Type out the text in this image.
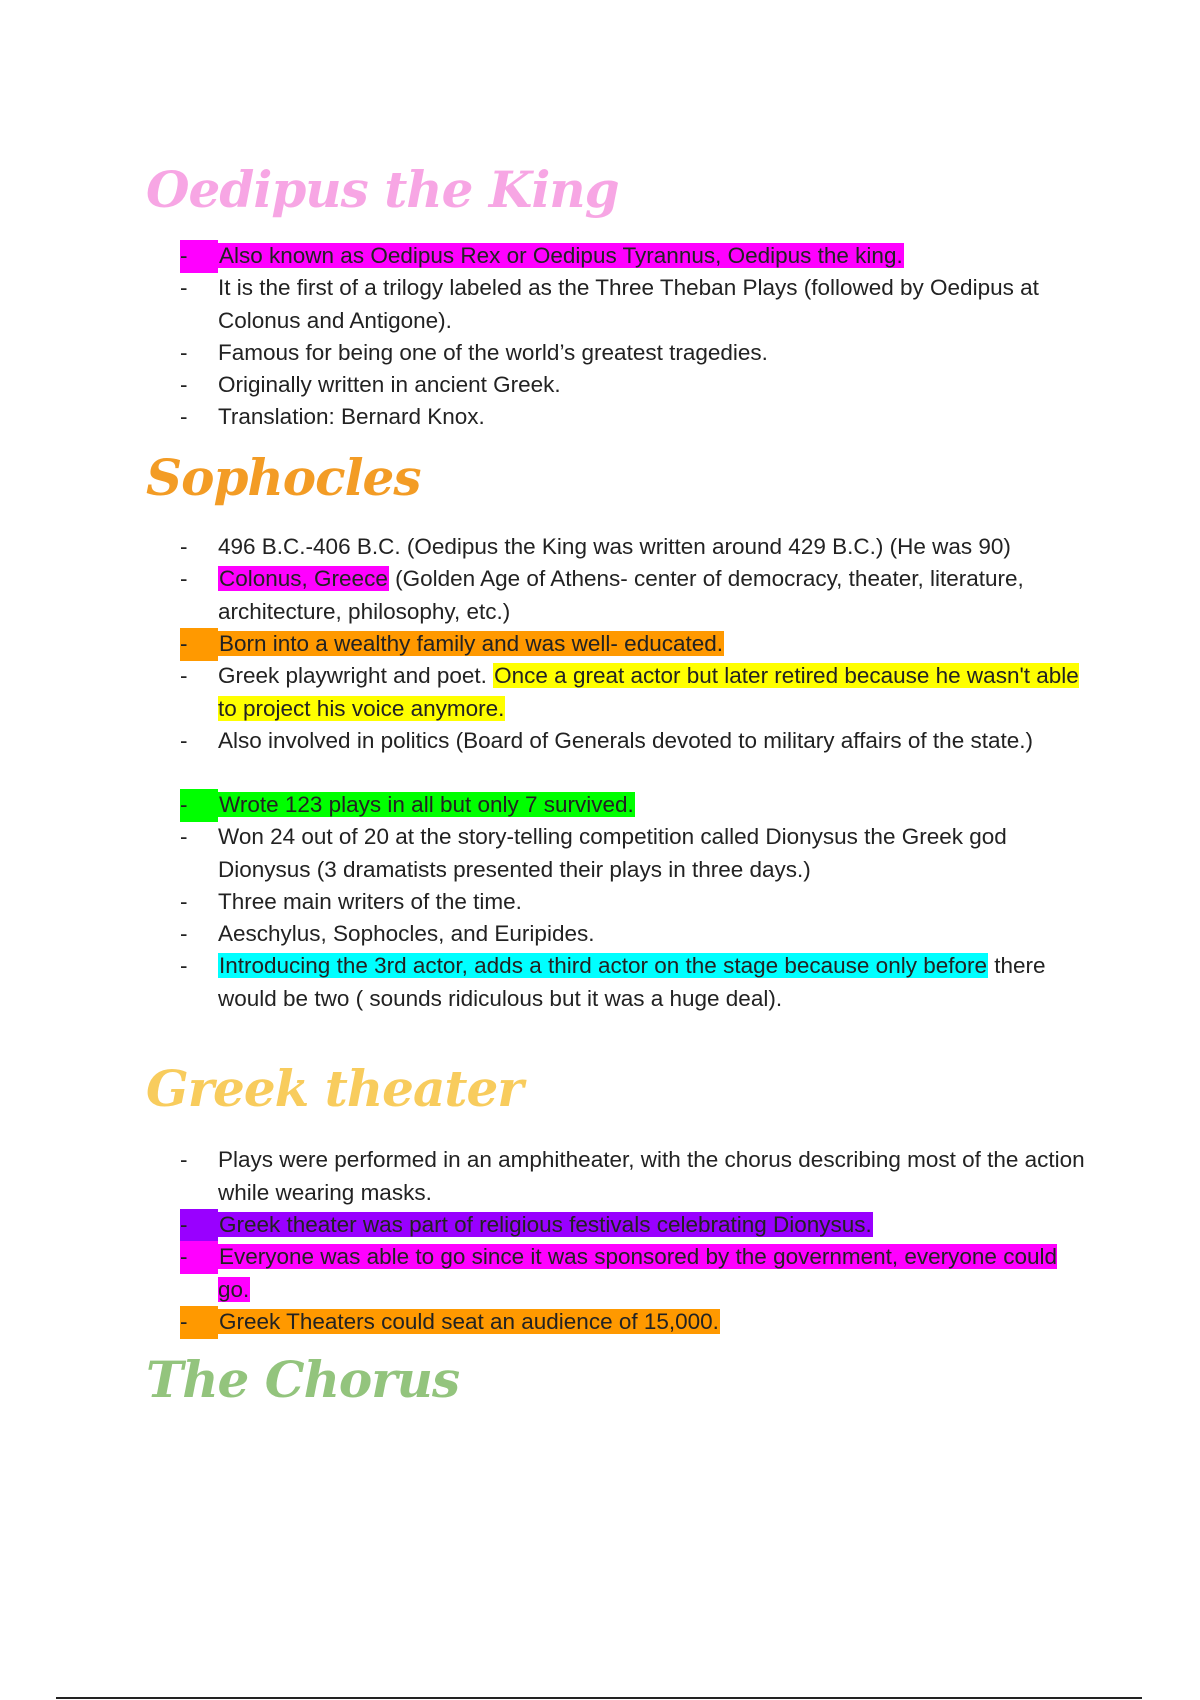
Oedipus the King
-	Also known as Oedipus Rex or Oedipus Tyrannus, Oedipus the king.
-	It is the first of a trilogy labeled as the Three Theban Plays (followed by Oedipus at Colonus and Antigone).
-	Famous for being one of the world’s greatest tragedies.
-	Originally written in ancient Greek.
-	Translation: Bernard Knox.
Sophocles
-	496 B.C.-406 B.C. (Oedipus the King was written around 429 B.C.) (He was 90)
-	Colonus, Greece (Golden Age of Athens- center of democracy, theater, literature, architecture, philosophy, etc.)
-	Born into a wealthy family and was well- educated.
-	Greek playwright and poet. Once a great actor but later retired because he wasn't able to project his voice anymore.
-	Also involved in politics (Board of Generals devoted to military affairs of the state.)
-	Wrote 123 plays in all but only 7 survived.
-	Won 24 out of 20 at the story-telling competition called Dionysus the Greek god Dionysus (3 dramatists presented their plays in three days.)
-	Three main writers of the time.
-	Aeschylus, Sophocles, and Euripides.
-	Introducing the 3rd actor, adds a third actor on the stage because only before there would be two ( sounds ridiculous but it was a huge deal).
Greek theater
-	Plays were performed in an amphitheater, with the chorus describing most of the action while wearing masks.
-	Greek theater was part of religious festivals celebrating Dionysus.
-	Everyone was able to go since it was sponsored by the government, everyone could go.
-	Greek Theaters could seat an audience of 15,000.
The Chorus
